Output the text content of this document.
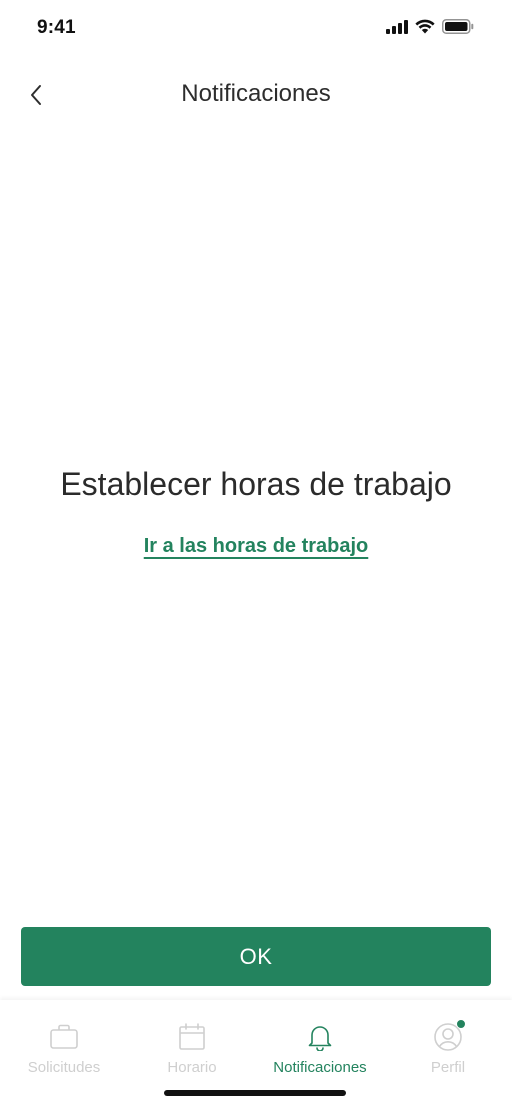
9:41
Notificaciones
Establecer horas de trabajo
Ir a las horas de trabajo
OK
Solicitudes	Horario	Notificaciones	Perfil
